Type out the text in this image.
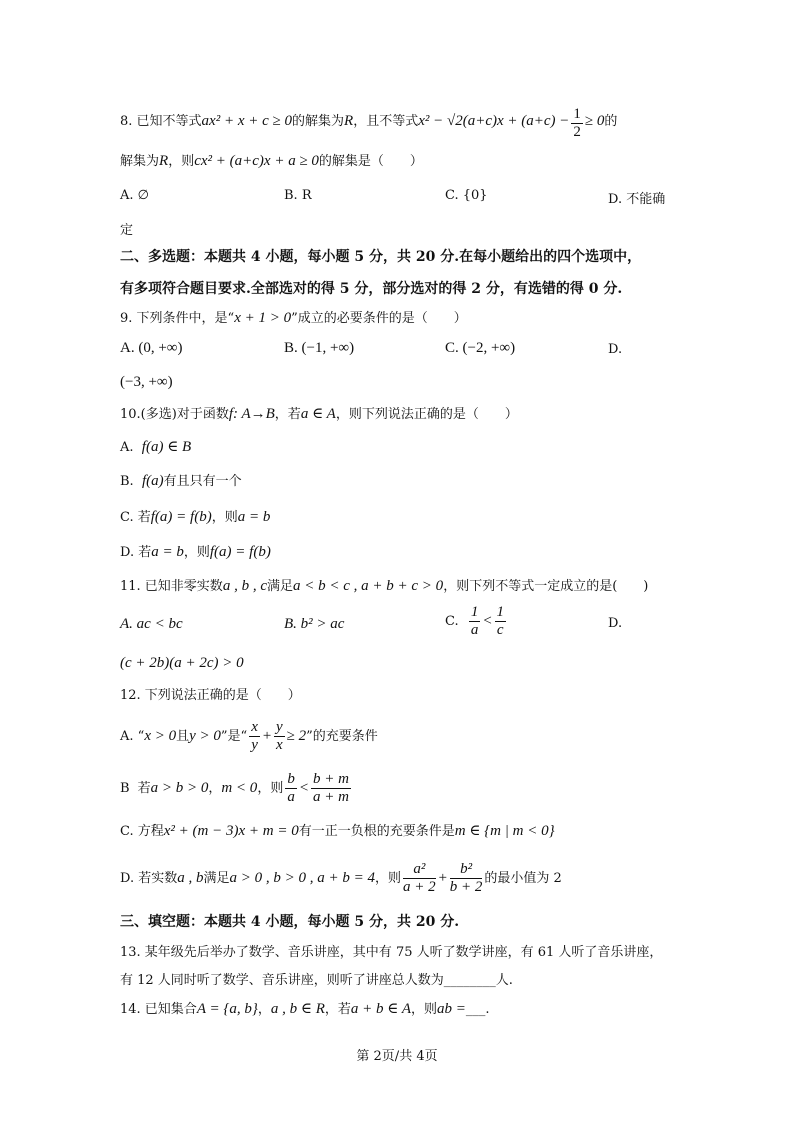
8. 已知不等式ax² + x + c ≥ 0的解集为R，且不等式$x^2 - √2(a+c)x + (a+c) - \frac{1}{2} \ge 0$的
解集为R，则cx² + (a+c)x + a ≥ 0的解集是（　　）
A. ∅	B. R	C. {0}	D. 不能确
定
二、多选题：本题共 4 小题，每小题 5 分，共 20 分.在每小题给出的四个选项中，
有多项符合题目要求.全部选对的得 5 分，部分选对的得 2 分，有选错的得 0 分.
9. 下列条件中，是“x + 1 > 0”成立的必要条件的是（　　）
A. (0, +∞)	B. (−1, +∞)	C. (−2, +∞)	D.
(−3, +∞)
10.(多选)对于函数f: A→B，若a ∈ A，则下列说法正确的是（　　）
A. f(a) ∈ B
B. f(a)有且只有一个
C. 若f(a) = f(b)，则a = b
D. 若a = b，则f(a) = f(b)
11. 已知非零实数a , b , c满足a < b < c , a + b + c > 0，则下列不等式一定成立的是(　　)
A. ac < bc	B. b² > ac	C. $\frac{1}{a} < \frac{1}{c}$	D.
(c + 2b)(a + 2c) > 0
12. 下列说法正确的是（　　）
A. “x > 0且y > 0”是“ $\frac{x}{y} + \frac{y}{x} \ge 2$”的充要条件
B 若a > b > 0，m < 0，则 $\frac{b}{a} < \frac{b + m}{a + m}$
C. 方程x² + (m − 3)x + m = 0有一正一负根的充要条件是m ∈ {m | m < 0}
D. 若实数a , b满足a > 0 , b > 0 , a + b = 4，则 $\frac{\text{a²}}{a + 2} + \frac{\text{b²}}{b + 2}$ 的最小值为 2
三、填空题：本题共 4 小题，每小题 5 分，共 20 分.
13. 某年级先后举办了数学、音乐讲座，其中有 75 人听了数学讲座，有 61 人听了音乐讲座，
有 12 人同时听了数学、音乐讲座，则听了讲座总人数为________人.
14. 已知集合A = {a, b}，a , b ∈ R，若a + b ∈ A，则ab =___.
第 2页/共 4页
